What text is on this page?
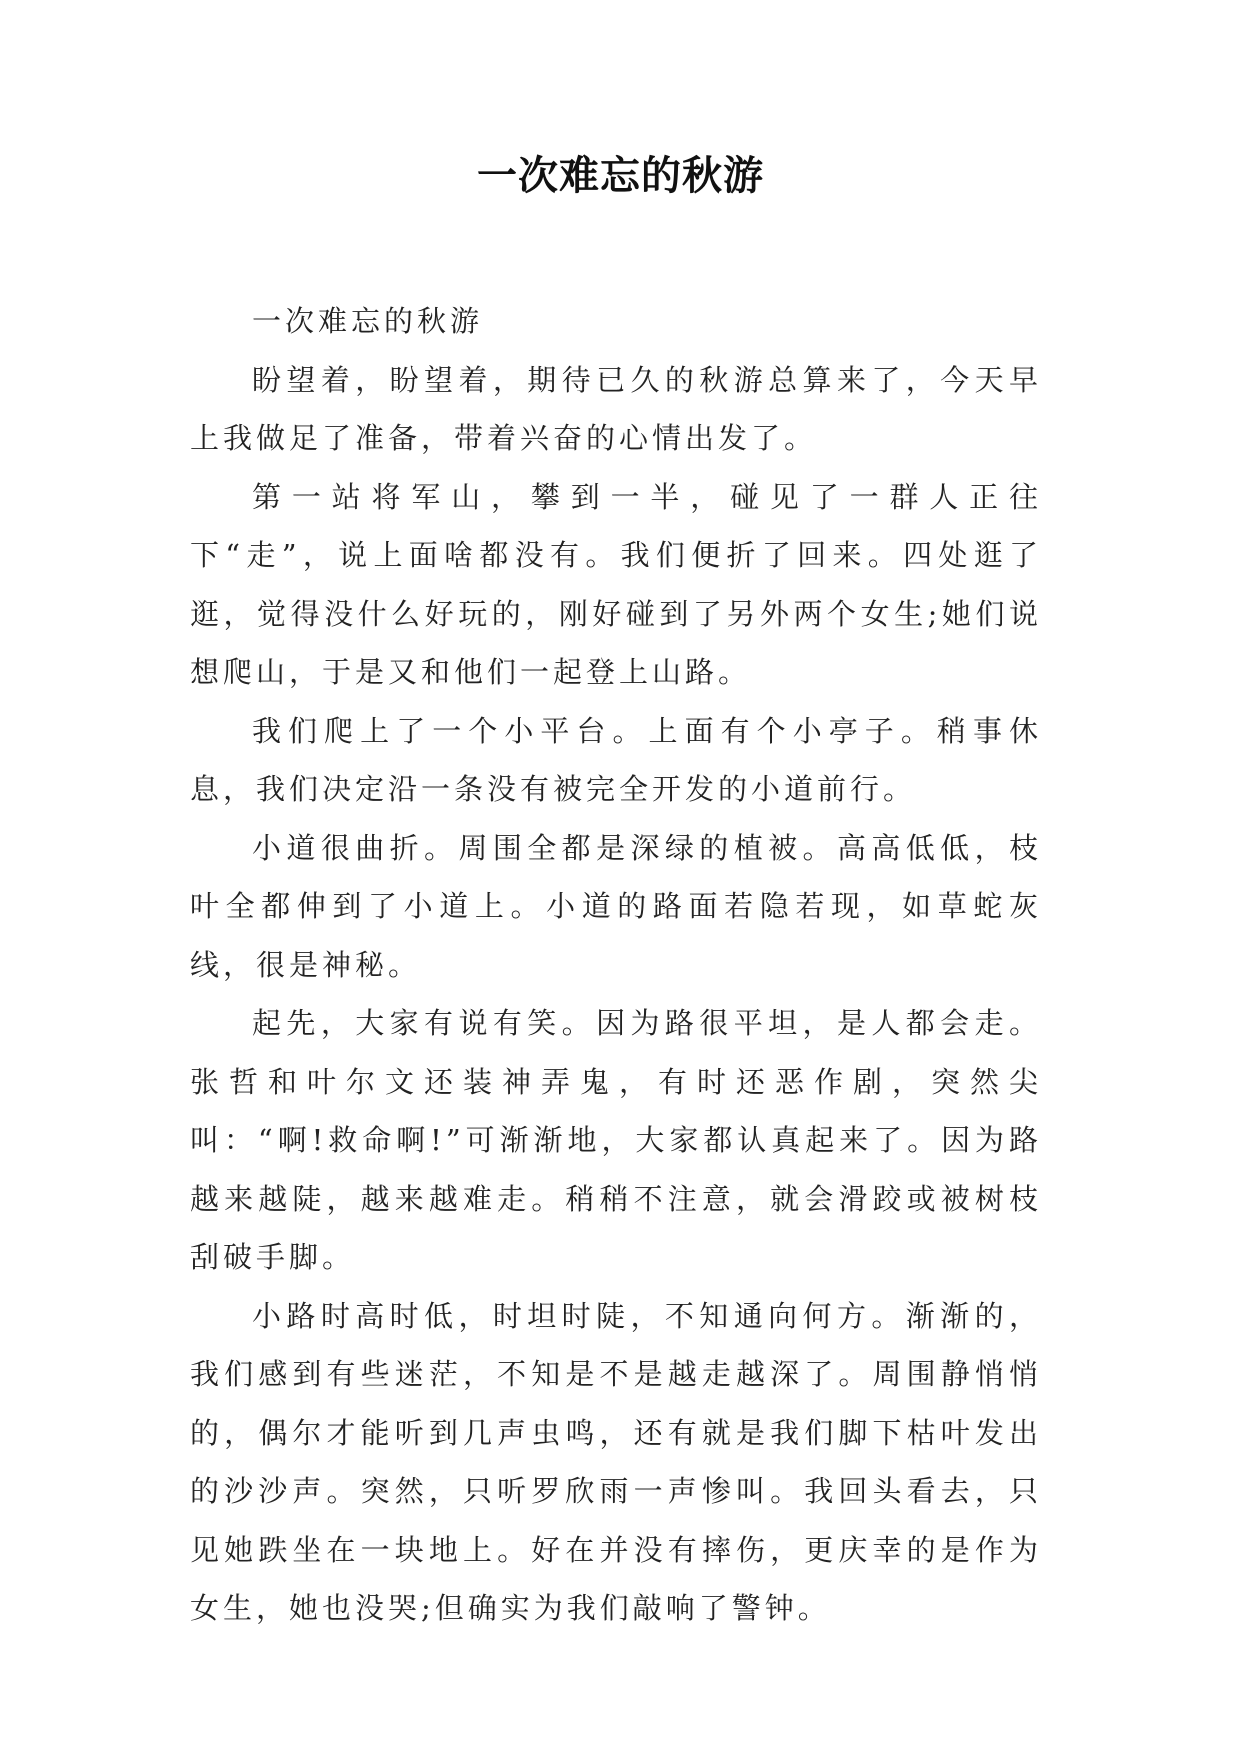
一次难忘的秋游

一次难忘的秋游

盼望着，盼望着，期待已久的秋游总算来了，今天早上我做足了准备，带着兴奋的心情出发了。

第一站将军山，攀到一半，碰见了一群人正往下“走”，说上面啥都没有。我们便折了回来。四处逛了逛，觉得没什么好玩的，刚好碰到了另外两个女生;她们说想爬山，于是又和他们一起登上山路。

我们爬上了一个小平台。上面有个小亭子。稍事休息，我们决定沿一条没有被完全开发的小道前行。

小道很曲折。周围全都是深绿的植被。高高低低，枝叶全都伸到了小道上。小道的路面若隐若现，如草蛇灰线，很是神秘。

起先，大家有说有笑。因为路很平坦，是人都会走。张哲和叶尔文还装神弄鬼，有时还恶作剧，突然尖叫：“啊!救命啊!”可渐渐地，大家都认真起来了。因为路越来越陡，越来越难走。稍稍不注意，就会滑跤或被树枝刮破手脚。

小路时高时低，时坦时陡，不知通向何方。渐渐的，我们感到有些迷茫，不知是不是越走越深了。周围静悄悄的，偶尔才能听到几声虫鸣，还有就是我们脚下枯叶发出的沙沙声。突然，只听罗欣雨一声惨叫。我回头看去，只见她跌坐在一块地上。好在并没有摔伤，更庆幸的是作为女生，她也没哭;但确实为我们敲响了警钟。
